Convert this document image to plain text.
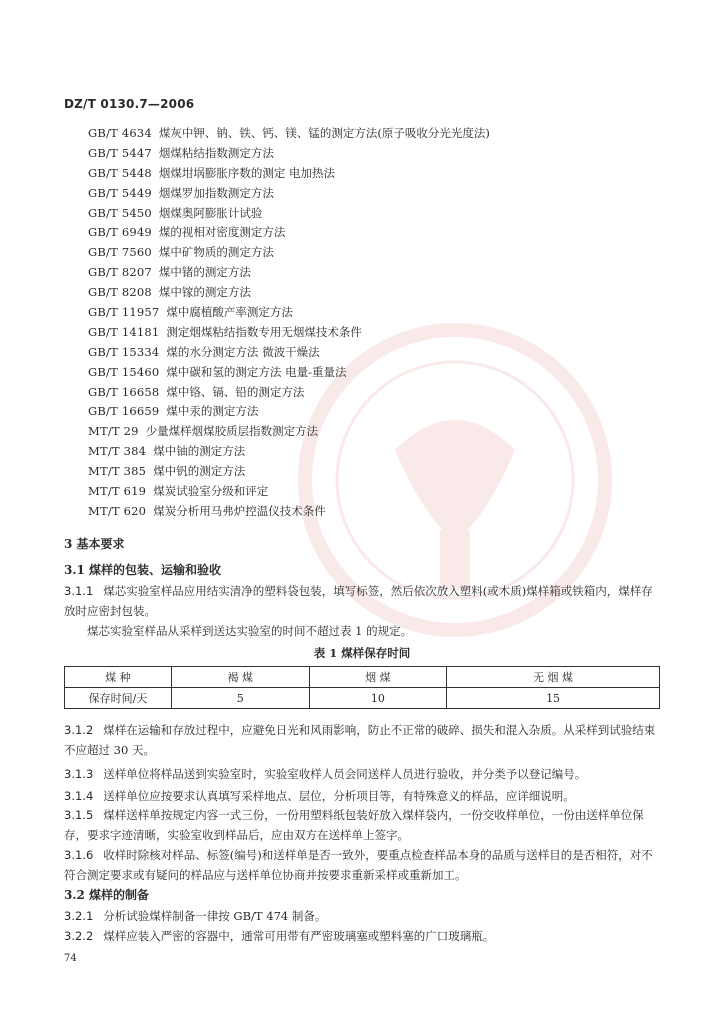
DZ/T 0130.7—2006
GB/T 4634 煤灰中钾、钠、铁、钙、镁、锰的测定方法(原子吸收分光光度法)
GB/T 5447 烟煤粘结指数测定方法
GB/T 5448 烟煤坩埚膨胀序数的测定 电加热法
GB/T 5449 烟煤罗加指数测定方法
GB/T 5450 烟煤奥阿膨胀计试验
GB/T 6949 煤的视相对密度测定方法
GB/T 7560 煤中矿物质的测定方法
GB/T 8207 煤中锗的测定方法
GB/T 8208 煤中镓的测定方法
GB/T 11957 煤中腐植酸产率测定方法
GB/T 14181 测定烟煤粘结指数专用无烟煤技术条件
GB/T 15334 煤的水分测定方法 微波干燥法
GB/T 15460 煤中碳和氢的测定方法 电量-重量法
GB/T 16658 煤中铬、镉、铅的测定方法
GB/T 16659 煤中汞的测定方法
MT/T 29 少量煤样烟煤胶质层指数测定方法
MT/T 384 煤中铀的测定方法
MT/T 385 煤中钒的测定方法
MT/T 619 煤炭试验室分级和评定
MT/T 620 煤炭分析用马弗炉控温仪技术条件
3 基本要求
3.1 煤样的包装、运输和验收
3.1.1 煤芯实验室样品应用结实清净的塑料袋包装，填写标签，然后依次放入塑料(或木质)煤样箱或铁箱内，煤样存放时应密封包装。
煤芯实验室样品从采样到送达实验室的时间不超过表 1 的规定。
表 1 煤样保存时间
煤 种	褐 煤	烟 煤	无 烟 煤
保存时间/天	5	10	15
3.1.2 煤样在运输和存放过程中，应避免日光和风雨影响，防止不正常的破碎、损失和混入杂质。从采样到试验结束不应超过 30 天。
3.1.3 送样单位将样品送到实验室时，实验室收样人员会同送样人员进行验收，并分类予以登记编号。
3.1.4 送样单位应按要求认真填写采样地点、层位，分析项目等，有特殊意义的样品，应详细说明。
3.1.5 煤样送样单按规定内容一式三份，一份用塑料纸包装好放入煤样袋内，一份交收样单位，一份由送样单位保存，要求字迹清晰，实验室收到样品后，应由双方在送样单上签字。
3.1.6 收样时除核对样品、标签(编号)和送样单是否一致外，要重点检查样品本身的品质与送样目的是否相符，对不符合测定要求或有疑问的样品应与送样单位协商并按要求重新采样或重新加工。
3.2 煤样的制备
3.2.1 分析试验煤样制备一律按 GB/T 474 制备。
3.2.2 煤样应装入严密的容器中，通常可用带有严密玻璃塞或塑料塞的广口玻璃瓶。
74
